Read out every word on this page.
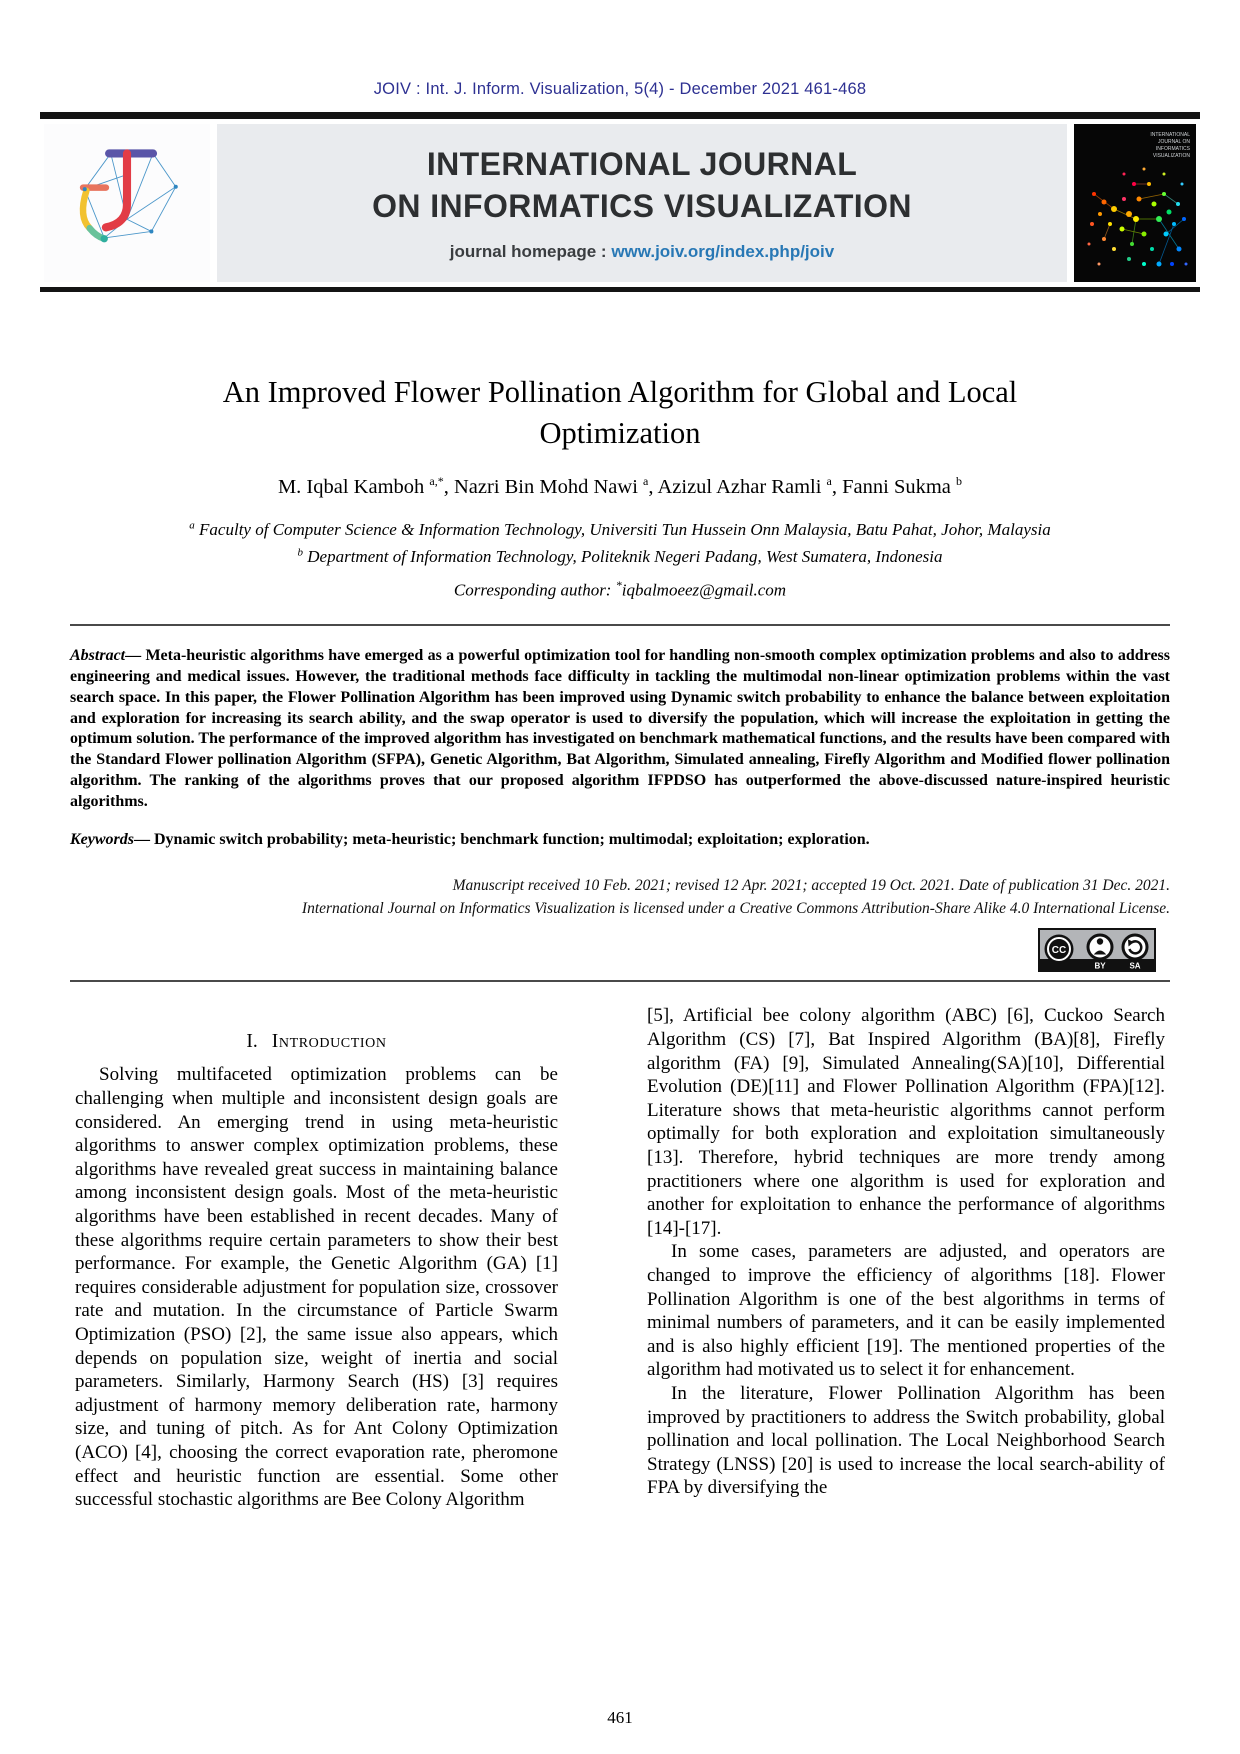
JOIV : Int. J. Inform. Visualization, 5(4) - December 2021 461-468
INTERNATIONAL JOURNAL
ON INFORMATICS VISUALIZATION
journal homepage : www.joiv.org/index.php/joiv
INTERNATIONAL
JOURNAL ON
INFORMATICS
VISUALIZATION
An Improved Flower Pollination Algorithm for Global and Local Optimization
M. Iqbal Kamboh $^{a,*}$, Nazri Bin Mohd Nawi $^a$, Azizul Azhar Ramli $^a$, Fanni Sukma $^b$
$^a$ Faculty of Computer Science & Information Technology, Universiti Tun Hussein Onn Malaysia, Batu Pahat, Johor, Malaysia
$^b$ Department of Information Technology, Politeknik Negeri Padang, West Sumatera, Indonesia
Corresponding author: *iqbalmoeez@gmail.com

Abstract— Meta-heuristic algorithms have emerged as a powerful optimization tool for handling non-smooth complex optimization problems and also to address engineering and medical issues. However, the traditional methods face difficulty in tackling the multimodal non-linear optimization problems within the vast search space. In this paper, the Flower Pollination Algorithm has been improved using Dynamic switch probability to enhance the balance between exploitation and exploration for increasing its search ability, and the swap operator is used to diversify the population, which will increase the exploitation in getting the optimum solution. The performance of the improved algorithm has investigated on benchmark mathematical functions, and the results have been compared with the Standard Flower pollination Algorithm (SFPA), Genetic Algorithm, Bat Algorithm, Simulated annealing, Firefly Algorithm and Modified flower pollination algorithm. The ranking of the algorithms proves that our proposed algorithm IFPDSO has outperformed the above-discussed nature-inspired heuristic algorithms.

Keywords— Dynamic switch probability; meta-heuristic; benchmark function; multimodal; exploitation; exploration.

Manuscript received 10 Feb. 2021; revised 12 Apr. 2021; accepted 19 Oct. 2021. Date of publication 31 Dec. 2021.
International Journal on Informatics Visualization is licensed under a Creative Commons Attribution-Share Alike 4.0 International License.
CC
BY	SA
I. Introduction

Solving multifaceted optimization problems can be challenging when multiple and inconsistent design goals are considered. An emerging trend in using meta-heuristic algorithms to answer complex optimization problems, these algorithms have revealed great success in maintaining balance among inconsistent design goals. Most of the meta-heuristic algorithms have been established in recent decades. Many of these algorithms require certain parameters to show their best performance. For example, the Genetic Algorithm (GA) [1] requires considerable adjustment for population size, crossover rate and mutation. In the circumstance of Particle Swarm Optimization (PSO) [2], the same issue also appears, which depends on population size, weight of inertia and social parameters. Similarly, Harmony Search (HS) [3] requires adjustment of harmony memory deliberation rate, harmony size, and tuning of pitch. As for Ant Colony Optimization (ACO) [4], choosing the correct evaporation rate, pheromone effect and heuristic function are essential. Some other successful stochastic algorithms are Bee Colony Algorithm

[5], Artificial bee colony algorithm (ABC) [6], Cuckoo Search Algorithm (CS) [7], Bat Inspired Algorithm (BA)[8], Firefly algorithm (FA) [9], Simulated Annealing(SA)[10], Differential Evolution (DE)[11] and Flower Pollination Algorithm (FPA)[12]. Literature shows that meta-heuristic algorithms cannot perform optimally for both exploration and exploitation simultaneously [13]. Therefore, hybrid techniques are more trendy among practitioners where one algorithm is used for exploration and another for exploitation to enhance the performance of algorithms [14]-[17].

In some cases, parameters are adjusted, and operators are changed to improve the efficiency of algorithms [18]. Flower Pollination Algorithm is one of the best algorithms in terms of minimal numbers of parameters, and it can be easily implemented and is also highly efficient [19]. The mentioned properties of the algorithm had motivated us to select it for enhancement.

In the literature, Flower Pollination Algorithm has been improved by practitioners to address the Switch probability, global pollination and local pollination. The Local Neighborhood Search Strategy (LNSS) [20] is used to increase the local search-ability of FPA by diversifying the

461
